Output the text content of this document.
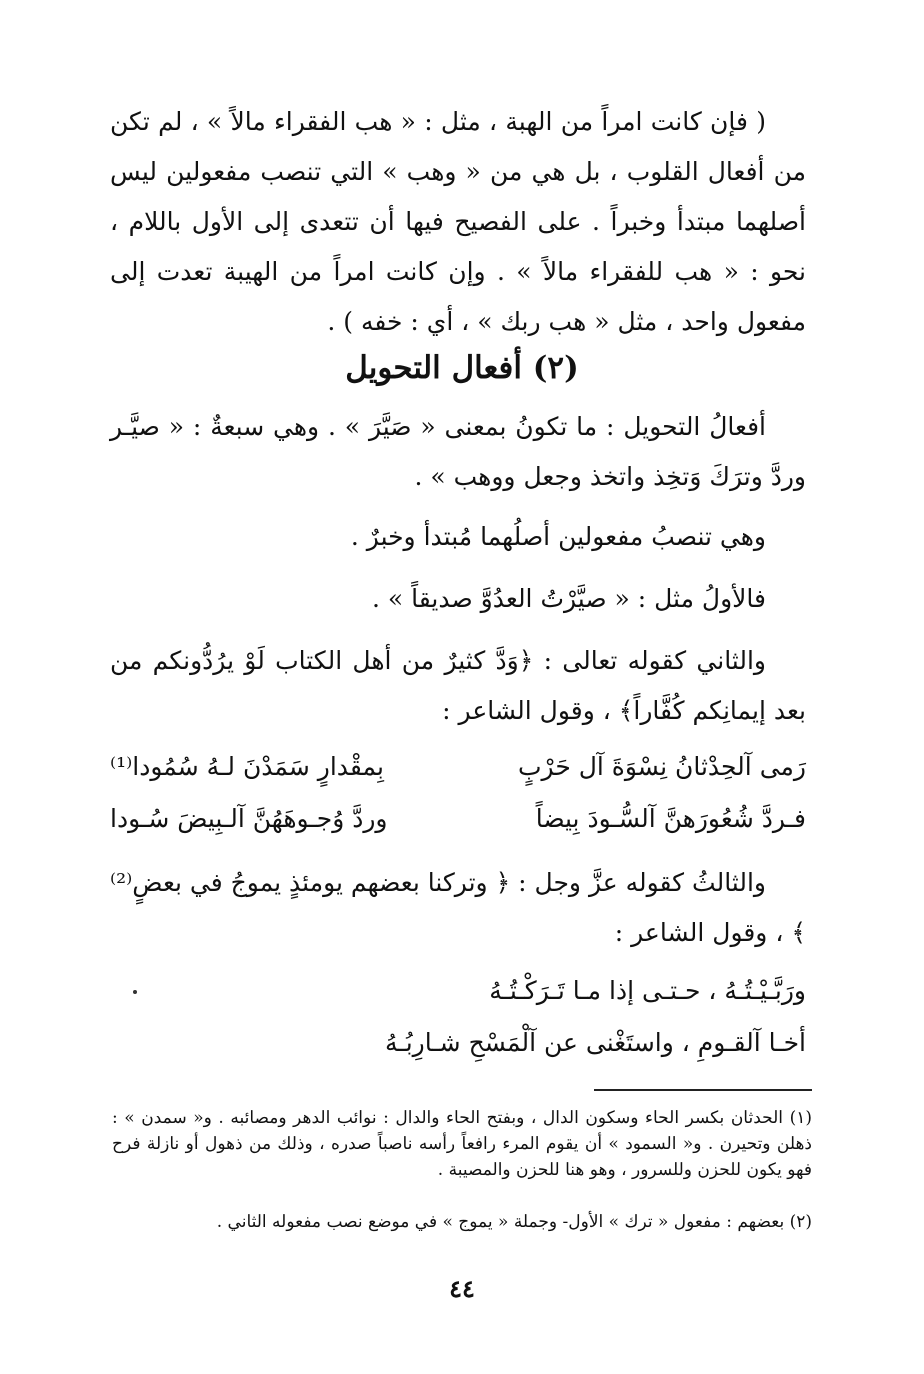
( فإن كانت امراً من الهبة ، مثل : « هب الفقراء مالاً » ، لم تكن من أفعال القلوب ، بل هي من « وهب » التي تنصب مفعولين ليس أصلهما مبتدأ وخبراً . على الفصيح فيها أن تتعدى إلى الأول باللام ، نحو : « هب للفقراء مالاً » . وإن كانت امراً من الهيبة تعدت إلى مفعول واحد ، مثل « هب ربك » ، أي : خفه ) .

(٢) أفعال التحويل

أفعالُ التحويل : ما تكونُ بمعنى « صَيَّرَ » . وهي سبعةٌ : « صيَّـر وردَّ وترَكَ وَتخِذ واتخذ وجعل ووهب » .

وهي تنصبُ مفعولين أصلُهما مُبتدأ وخبرٌ .

فالأولُ مثل : « صيَّرْتُ العدُوَّ صديقاً » .

والثاني كقوله تعالى : ﴿وَدَّ كثيرٌ من أهل الكتاب لَوْ يرُدُّونكم من بعد إيمانِكم كُفَّاراً﴾ ، وقول الشاعر :

رَمى آلحِدْثانُ نِسْوَةَ آل حَرْبٍ
بِمقْدارٍ سَمَدْنَ لـهُ سُمُودا⁽¹⁾
فـردَّ شُعُورَهنَّ آلسُّـودَ بِيضاً
وردَّ وُجـوهَهُنَّ آلـبِيضَ سُـودا

والثالثُ كقوله عزَّ وجل : ﴿ وتركنا بعضهم يومئذٍ يموجُ في بعضٍ⁽²⁾ ﴾ ، وقول الشاعر :

ورَبَّـيْـتُـهُ ، حـتـى إذا مـا تَـرَكْـتُـهُ
أخـا آلقـومِ ، واستَغْنى عن آلْمَسْحِ شـارِبُـهُ

(١) الحدثان بكسر الحاء وسكون الدال ، وبفتح الحاء والدال : نوائب الدهر ومصائبه . و« سمدن » : ذهلن وتحيرن . و« السمود » أن يقوم المرء رافعاً رأسه ناصباً صدره ، وذلك من ذهول أو نازلة فرح فهو يكون للحزن وللسرور ، وهو هنا للحزن والمصيبة .

(٢) بعضهم : مفعول « ترك » الأول- وجملة « يموج » في موضع نصب مفعوله الثاني .

٤٤
